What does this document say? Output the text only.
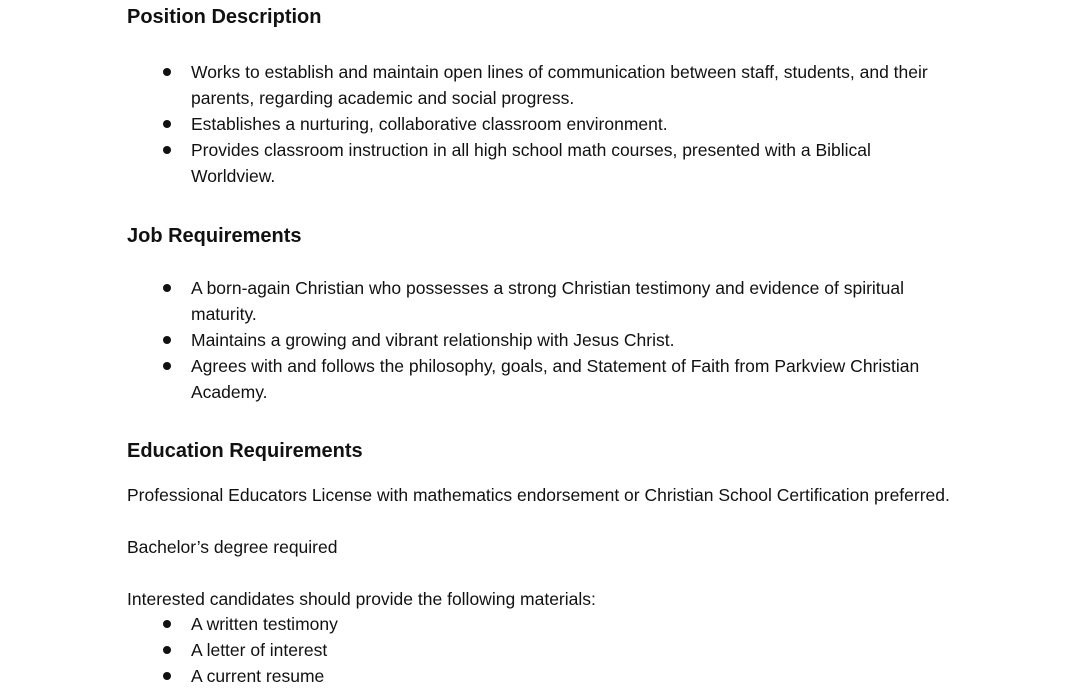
Position Description
Works to establish and maintain open lines of communication between staff, students, and their parents, regarding academic and social progress.
Establishes a nurturing, collaborative classroom environment.
Provides classroom instruction in all high school math courses, presented with a Biblical Worldview.
Job Requirements
A born-again Christian who possesses a strong Christian testimony and evidence of spiritual maturity.
Maintains a growing and vibrant relationship with Jesus Christ.
Agrees with and follows the philosophy, goals, and Statement of Faith from Parkview Christian Academy.
Education Requirements

Professional Educators License with mathematics endorsement or Christian School Certification preferred.

Bachelor’s degree required

Interested candidates should provide the following materials:

A written testimony
A letter of interest
A current resume
